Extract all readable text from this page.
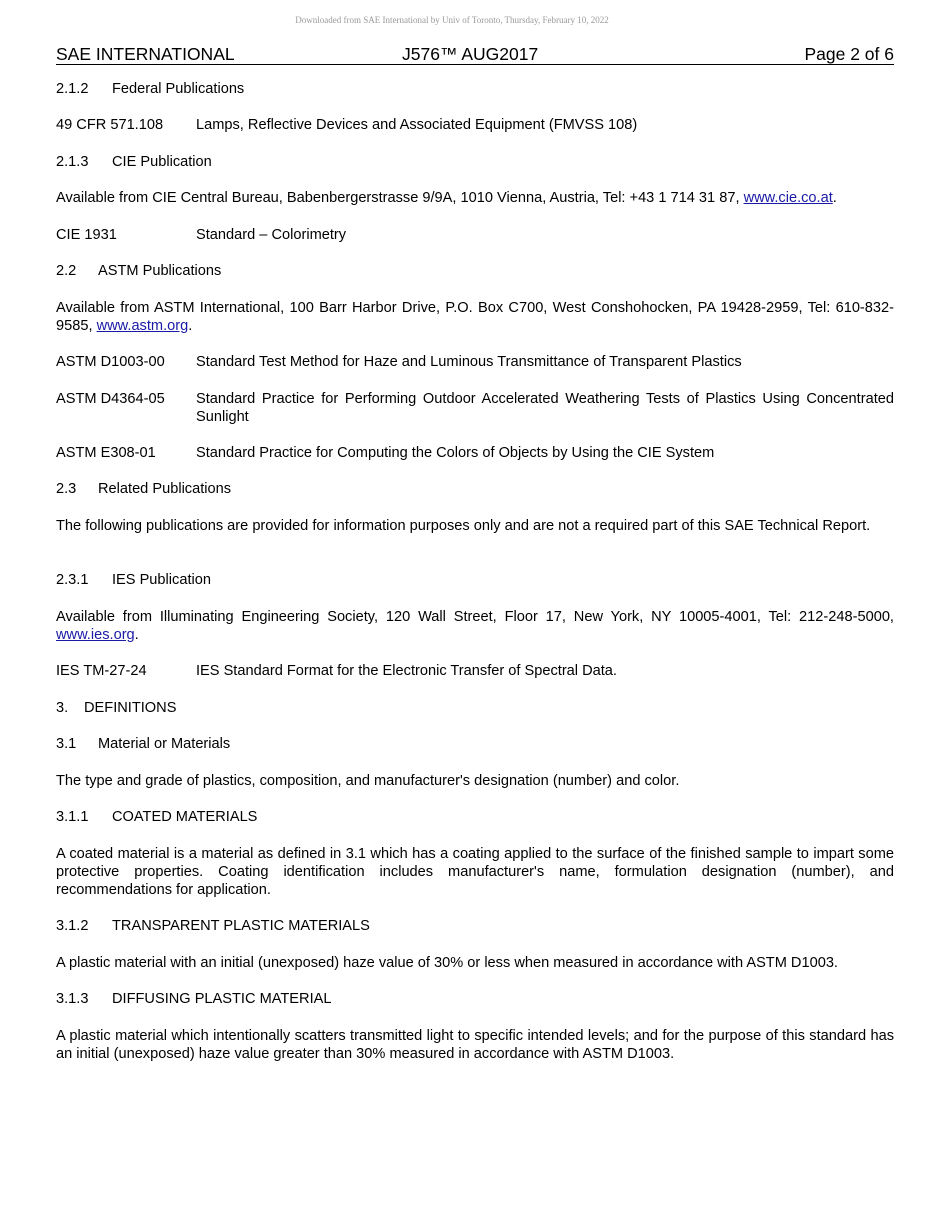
Downloaded from SAE International by Univ of Toronto, Thursday, February 10, 2022
SAE INTERNATIONAL	J576™ AUG2017	Page 2 of 6
2.1.2 Federal Publications
49 CFR 571.108 Lamps, Reflective Devices and Associated Equipment (FMVSS 108)
2.1.3 CIE Publication
Available from CIE Central Bureau, Babenbergerstrasse 9/9A, 1010 Vienna, Austria, Tel: +43 1 714 31 87, www.cie.co.at.
CIE 1931	Standard – Colorimetry
2.2 ASTM Publications
Available from ASTM International, 100 Barr Harbor Drive, P.O. Box C700, West Conshohocken, PA 19428-2959, Tel: 610-832-9585, www.astm.org.
ASTM D1003-00 Standard Test Method for Haze and Luminous Transmittance of Transparent Plastics
ASTM D4364-05 Standard Practice for Performing Outdoor Accelerated Weathering Tests of Plastics Using Concentrated Sunlight
ASTM E308-01	Standard Practice for Computing the Colors of Objects by Using the CIE System
2.3 Related Publications
The following publications are provided for information purposes only and are not a required part of this SAE Technical Report.
2.3.1 IES Publication
Available from Illuminating Engineering Society, 120 Wall Street, Floor 17, New York, NY 10005-4001, Tel: 212-248-5000, www.ies.org.
IES TM-27-24	IES Standard Format for the Electronic Transfer of Spectral Data.
3. DEFINITIONS
3.1 Material or Materials
The type and grade of plastics, composition, and manufacturer's designation (number) and color.
3.1.1 COATED MATERIALS
A coated material is a material as defined in 3.1 which has a coating applied to the surface of the finished sample to impart some protective properties. Coating identification includes manufacturer's name, formulation designation (number), and recommendations for application.
3.1.2 TRANSPARENT PLASTIC MATERIALS
A plastic material with an initial (unexposed) haze value of 30% or less when measured in accordance with ASTM D1003.
3.1.3 DIFFUSING PLASTIC MATERIAL
A plastic material which intentionally scatters transmitted light to specific intended levels; and for the purpose of this standard has an initial (unexposed) haze value greater than 30% measured in accordance with ASTM D1003.
